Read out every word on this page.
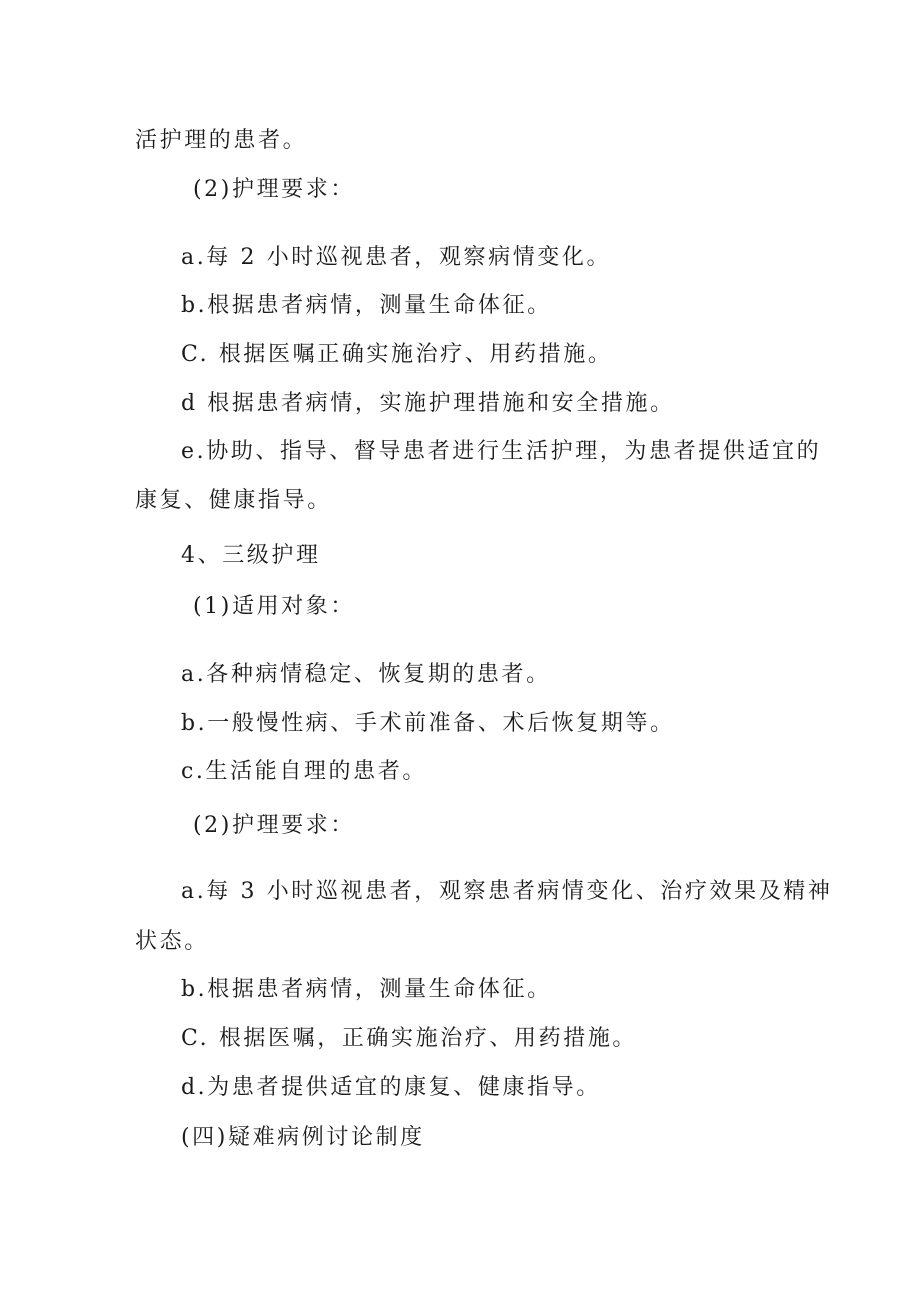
活护理的患者。

(2)护理要求：

a.每 2 小时巡视患者，观察病情变化。

b.根据患者病情，测量生命体征。

C. 根据医嘱正确实施治疗、用药措施。

d 根据患者病情，实施护理措施和安全措施。

e.协助、指导、督导患者进行生活护理，为患者提供适宜的

康复、健康指导。

4、三级护理

(1)适用对象：

a.各种病情稳定、恢复期的患者。

b.一般慢性病、手术前准备、术后恢复期等。

c.生活能自理的患者。

(2)护理要求：

a.每 3 小时巡视患者，观察患者病情变化、治疗效果及精神

状态。

b.根据患者病情，测量生命体征。

C. 根据医嘱，正确实施治疗、用药措施。

d.为患者提供适宜的康复、健康指导。

(四)疑难病例讨论制度
